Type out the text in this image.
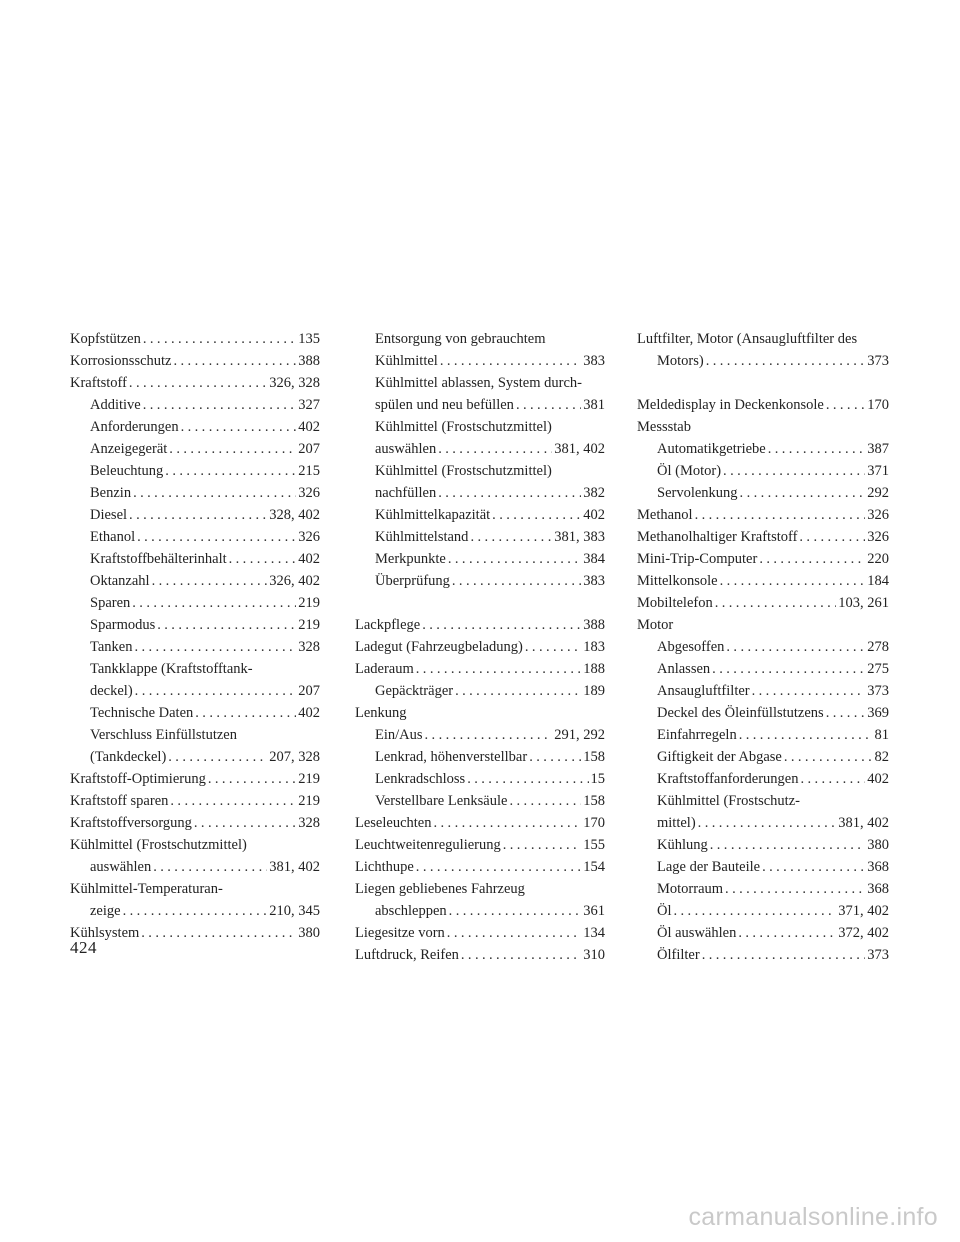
Kopfstützen .....	135
Korrosionsschutz .....	388
Kraftstoff .....	326, 328
Additive .....	327
Anforderungen .....	402
Anzeigegerät .....	207
Beleuchtung .....	215
Benzin .....	326
Diesel .....	328, 402
Ethanol .....	326
Kraftstoffbehälterinhalt .....	402
Oktanzahl .....	326, 402
Sparen .....	219
Sparmodus .....	219
Tanken .....	328
Tankklappe (Kraftstofftank-
deckel) .....	207
Technische Daten .....	402
Verschluss Einfüllstutzen
(Tankdeckel) .....	207, 328
Kraftstoff-Optimierung .....	219
Kraftstoff sparen .....	219
Kraftstoffversorgung .....	328
Kühlmittel (Frostschutzmittel)
auswählen .....	381, 402
Kühlmittel-Temperaturan-
zeige .....	210, 345
Kühlsystem .....	380
Entsorgung von gebrauchtem
Kühlmittel .....	383
Kühlmittel ablassen, System durch-
spülen und neu befüllen .....	381
Kühlmittel (Frostschutzmittel)
auswählen .....	381, 402
Kühlmittel (Frostschutzmittel)
nachfüllen .....	382
Kühlmittelkapazität .....	402
Kühlmittelstand .....	381, 383
Merkpunkte .....	384
Überprüfung .....	383
Lackpflege .....	388
Ladegut (Fahrzeugbeladung) .....	183
Laderaum .....	188
Gepäckträger .....	189
Lenkung
Ein/Aus .....	291, 292
Lenkrad, höhenverstellbar .....	158
Lenkradschloss .....	15
Verstellbare Lenksäule .....	158
Leseleuchten .....	170
Leuchtweitenregulierung .....	155
Lichthupe .....	154
Liegen gebliebenes Fahrzeug
abschleppen .....	361
Liegesitze vorn .....	134
Luftdruck, Reifen .....	310
Luftfilter, Motor (Ansaugluftfilter des
Motors) .....	373
Meldedisplay in Deckenkonsole .....	170
Messstab
Automatikgetriebe .....	387
Öl (Motor) .....	371
Servolenkung .....	292
Methanol .....	326
Methanolhaltiger Kraftstoff .....	326
Mini-Trip-Computer .....	220
Mittelkonsole .....	184
Mobiltelefon .....	103, 261
Motor
Abgesoffen .....	278
Anlassen .....	275
Ansaugluftfilter .....	373
Deckel des Öleinfüllstutzens .....	369
Einfahrregeln .....	81
Giftigkeit der Abgase .....	82
Kraftstoffanforderungen .....	402
Kühlmittel (Frostschutz-
mittel) .....	381, 402
Kühlung .....	380
Lage der Bauteile .....	368
Motorraum .....	368
Öl .....	371, 402
Öl auswählen .....	372, 402
Ölfilter .....	373
424
carmanualsonline.info
